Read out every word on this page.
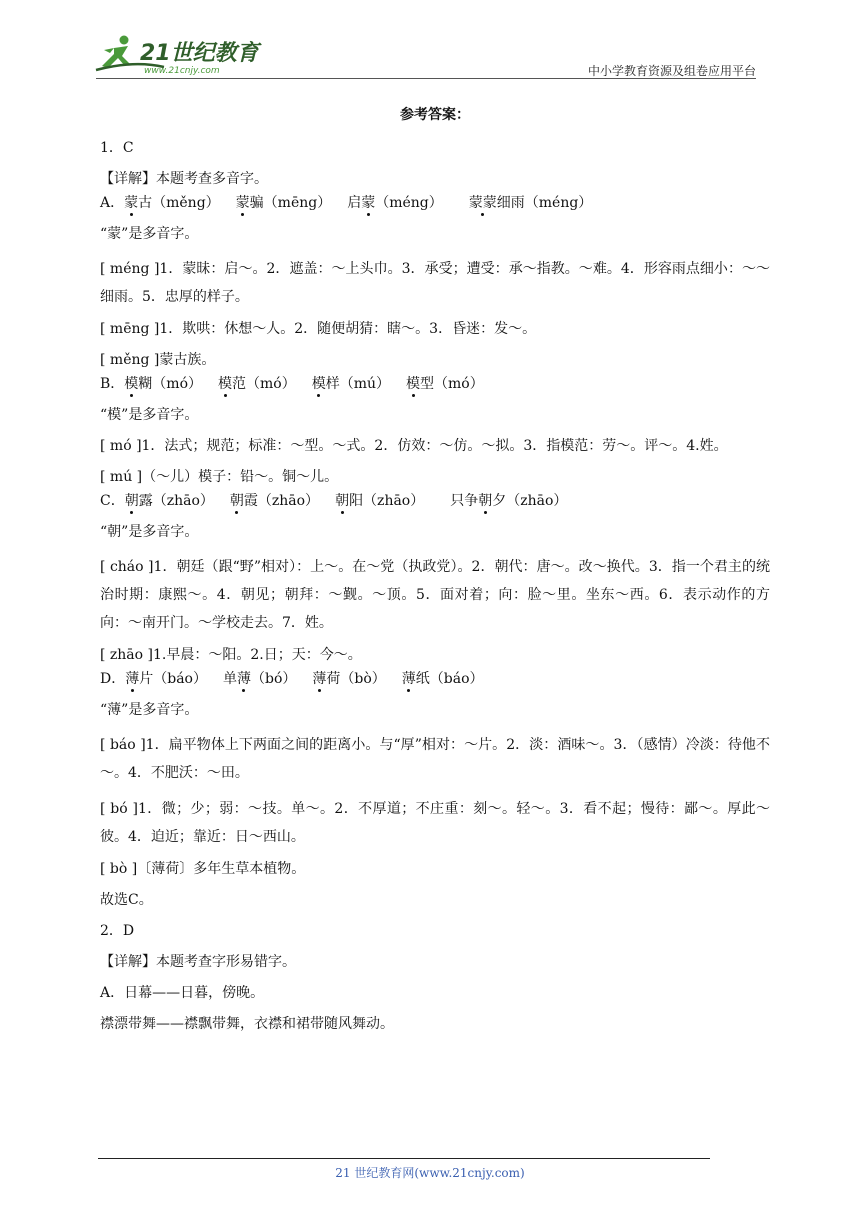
21世纪教育
www.21cnjy.com	中小学教育资源及组卷应用平台
参考答案：
1．C
【详解】本题考查多音字。
A．蒙古（měng） 蒙骗（mēng） 启蒙（méng） 蒙蒙细雨（méng）
“蒙”是多音字。
[ méng ]1．蒙昧：启～。2．遮盖：～上头巾。3．承受；遭受：承～指教。～难。4．形容雨点细小：～～细雨。5．忠厚的样子。
[ mēng ]1．欺哄：休想～人。2．随便胡猜：瞎～。3．昏迷：发～。
[ měng ]蒙古族。
B．模糊（mó） 模范（mó） 模样（mú） 模型（mó）
“模”是多音字。
[ mó ]1．法式；规范；标准：～型。～式。2．仿效：～仿。～拟。3．指模范：劳～。评～。4.姓。
[ mú ]（～儿）模子：铅～。铜～儿。
C．朝露（zhāo） 朝霞（zhāo） 朝阳（zhāo） 只争朝夕（zhāo）
“朝”是多音字。
[ cháo ]1．朝廷（跟“野”相对）：上～。在～党（执政党）。2．朝代：唐～。改～换代。3．指一个君主的统治时期：康熙～。4．朝见；朝拜：～觐。～顶。5．面对着；向：脸～里。坐东～西。6．表示动作的方向：～南开门。～学校走去。7．姓。
[ zhāo ]1.早晨：～阳。2.日；天：今～。
D．薄片（báo） 单薄（bó） 薄荷（bò） 薄纸（báo）
“薄”是多音字。
[ báo ]1．扁平物体上下两面之间的距离小。与“厚”相对：～片。2．淡：酒味～。3．（感情）冷淡：待他不～。4．不肥沃：～田。
[ bó ]1．微；少；弱：～技。单～。2．不厚道；不庄重：刻～。轻～。3．看不起；慢待：鄙～。厚此～彼。4．迫近；靠近：日～西山。
[ bò ]〔薄荷〕多年生草本植物。
故选C。
2．D
【详解】本题考查字形易错字。
A．日幕——日暮，傍晚。
襟漂带舞——襟飘带舞，衣襟和裙带随风舞动。
21 世纪教育网(www.21cnjy.com)
